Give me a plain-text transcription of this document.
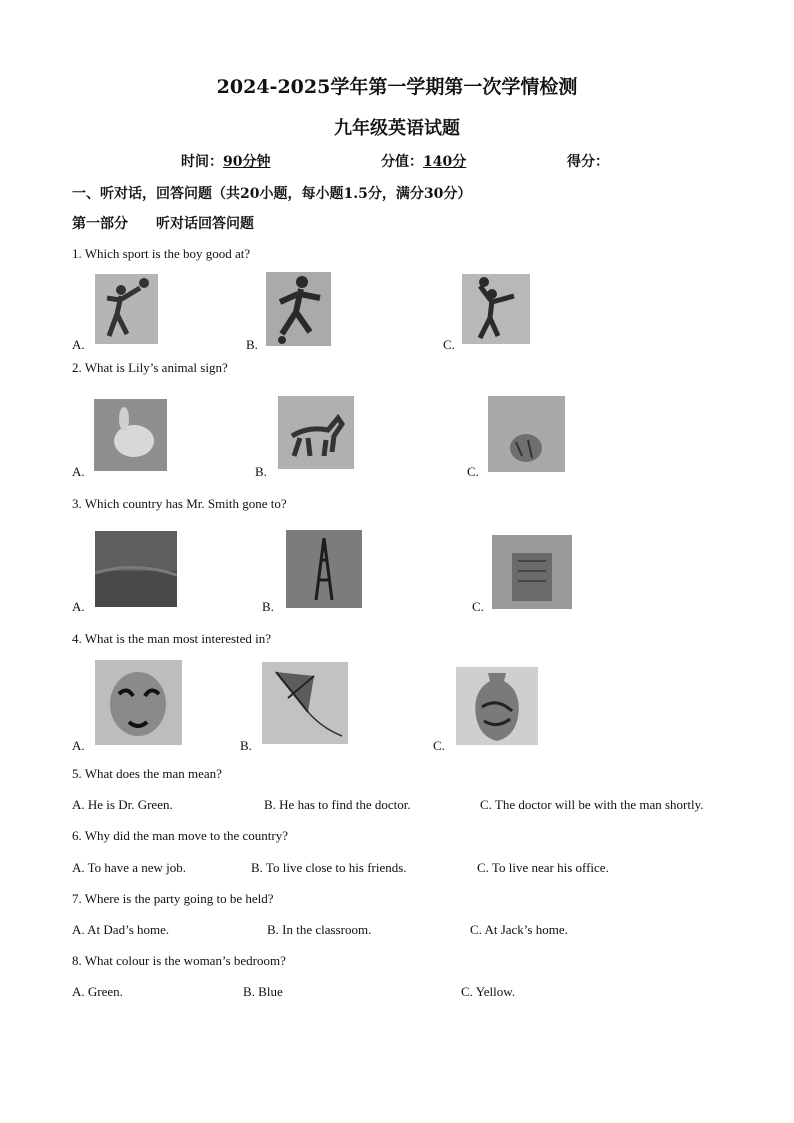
2024-2025学年第一学期第一次学情检测
九年级英语试题
时间：90分钟	分值：140分	得分：
一、听对话，回答问题（共20小题，每小题1.5分，满分30分）
第一部分　　听对话回答问题
1. Which sport is the boy good at?
A.	B.	C.
2. What is Lily’s animal sign?
A.	B.	C.
3. Which country has Mr. Smith gone to?
A.	B.	C.
4. What is the man most interested in?
A.	B.	C.
5. What does the man mean?
A. He is Dr. Green.	B. He has to find the doctor.	C. The doctor will be with the man shortly.
6. Why did the man move to the country?
A. To have a new job.	B. To live close to his friends.	C. To live near his office.
7. Where is the party going to be held?
A. At Dad’s home.	B. In the classroom.	C. At Jack’s home.
8. What colour is the woman’s bedroom?
A. Green.	B. Blue	C. Yellow.
